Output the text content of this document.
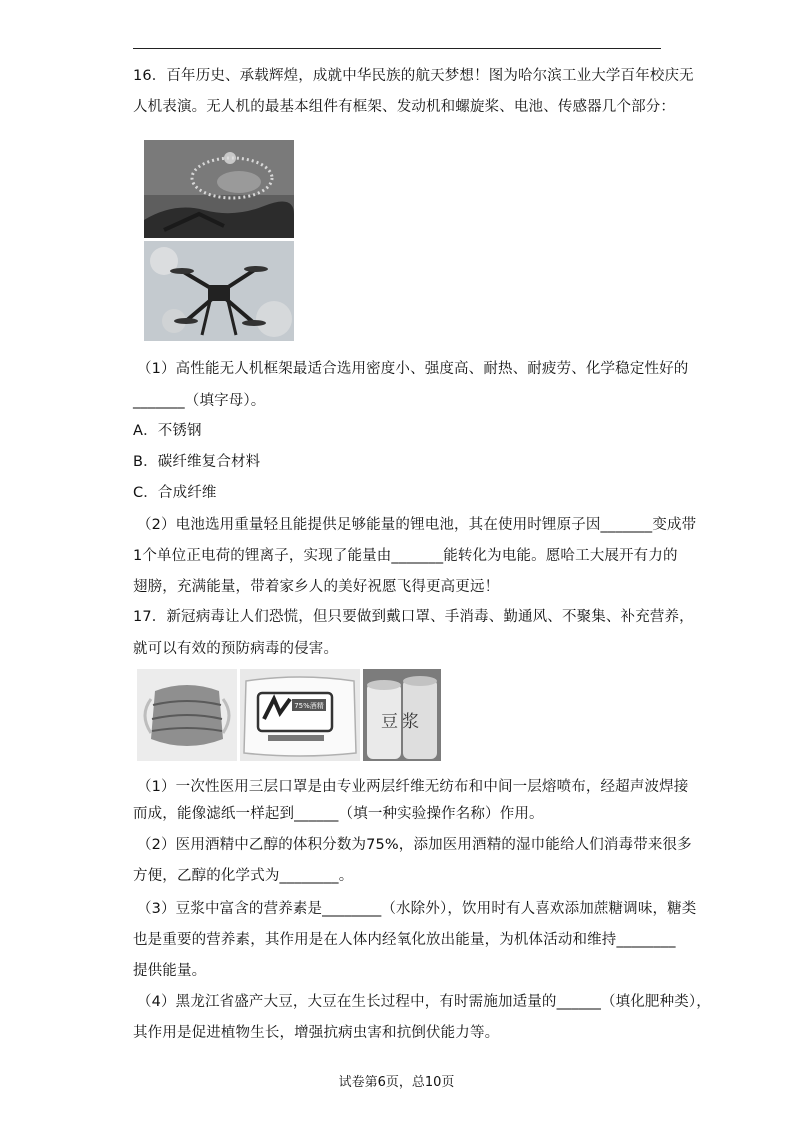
16．百年历史、承载辉煌，成就中华民族的航天梦想！图为哈尔滨工业大学百年校庆无
人机表演。无人机的最基本组件有框架、发动机和螺旋桨、电池、传感器几个部分：
（1）高性能无人机框架最适合选用密度小、强度高、耐热、耐疲劳、化学稳定性好的
_______（填字母）。
A．不锈钢
B．碳纤维复合材料
C．合成纤维
（2）电池选用重量轻且能提供足够能量的锂电池，其在使用时锂原子因_______变成带
1个单位正电荷的锂离子，实现了能量由_______能转化为电能。愿哈工大展开有力的
翅膀，充满能量，带着家乡人的美好祝愿飞得更高更远！
17．新冠病毒让人们恐慌，但只要做到戴口罩、手消毒、勤通风、不聚集、补充营养，
就可以有效的预防病毒的侵害。
75%酒精
豆浆
（1）一次性医用三层口罩是由专业两层纤维无纺布和中间一层熔喷布，经超声波焊接
而成，能像滤纸一样起到______（填一种实验操作名称）作用。
（2）医用酒精中乙醇的体积分数为75%，添加医用酒精的湿巾能给人们消毒带来很多
方便，乙醇的化学式为________。
（3）豆浆中富含的营养素是________（水除外），饮用时有人喜欢添加蔗糖调味，糖类
也是重要的营养素，其作用是在人体内经氧化放出能量，为机体活动和维持________
提供能量。
（4）黑龙江省盛产大豆，大豆在生长过程中，有时需施加适量的______（填化肥种类），
其作用是促进植物生长，增强抗病虫害和抗倒伏能力等。
试卷第6页，总10页
